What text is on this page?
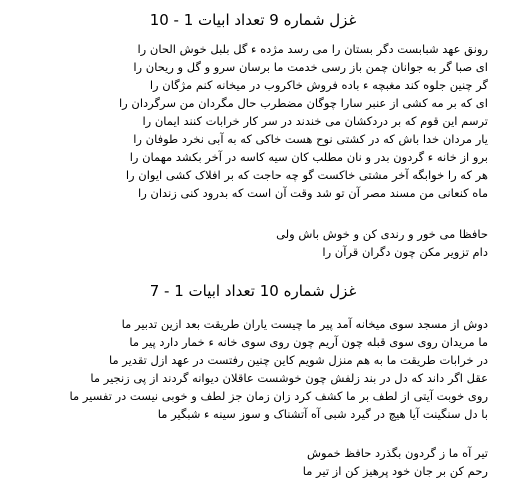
غزل شماره 9 تعداد ابیات 1 - 10
رونق عهد شبابست دگر بستان را می رسد مژده ء گل بلبل خوش الحان را
ای صبا گر به جوانان چمن باز رسی خدمت ما برسان سرو و گل و ریحان را
گر چنین جلوه کند مغبچه ء باده فروش خاکروب در میخانه کنم مژگان را
ای که بر مه کشی از عنبر سارا چوگان مضطرب حال مگردان من سرگردان را
ترسم این قوم که بر دردکشان می خندند در سر کار خرابات کنند ایمان را
یار مردان خدا باش که در کشتی نوح هست خاکی که به آبی نخرد طوفان را
برو از خانه ء گردون بدر و نان مطلب کان سیه کاسه در آخر بکشد مهمان را
هر که را خوابگه آخر مشتی خاکست گو چه حاجت که بر افلاک کشی ایوان را
ماه کنعانی من مسند مصر آن تو شد وقت آن است که بدرود کنی زندان را
حافظا می خور و رندی کن و خوش باش ولی
دام تزویر مکن چون دگران قرآن را
غزل شماره 10 تعداد ابیات 1 - 7
دوش از مسجد سوی میخانه آمد پیر ما چیست یاران طریقت بعد ازین تدبیر ما
ما مریدان روی سوی قبله چون آریم چون روی سوی خانه ء خمار دارد پیر ما
در خرابات طریقت ما به هم منزل شویم کاین چنین رفتست در عهد ازل تقدیر ما
عقل اگر داند که دل در بند زلفش چون خوشست عاقلان دیوانه گردند از پی زنجیر ما
روی خوبت آیتی از لطف بر ما کشف کرد زان زمان جز لطف و خوبی نیست در تفسیر ما
با دل سنگینت آیا هیچ در گیرد شبی آه آتشناک و سوز سینه ء شبگیر ما
تیر آه ما ز گردون بگذرد حافظ خموش
رحم کن بر جان خود پرهیز کن از تیر ما
